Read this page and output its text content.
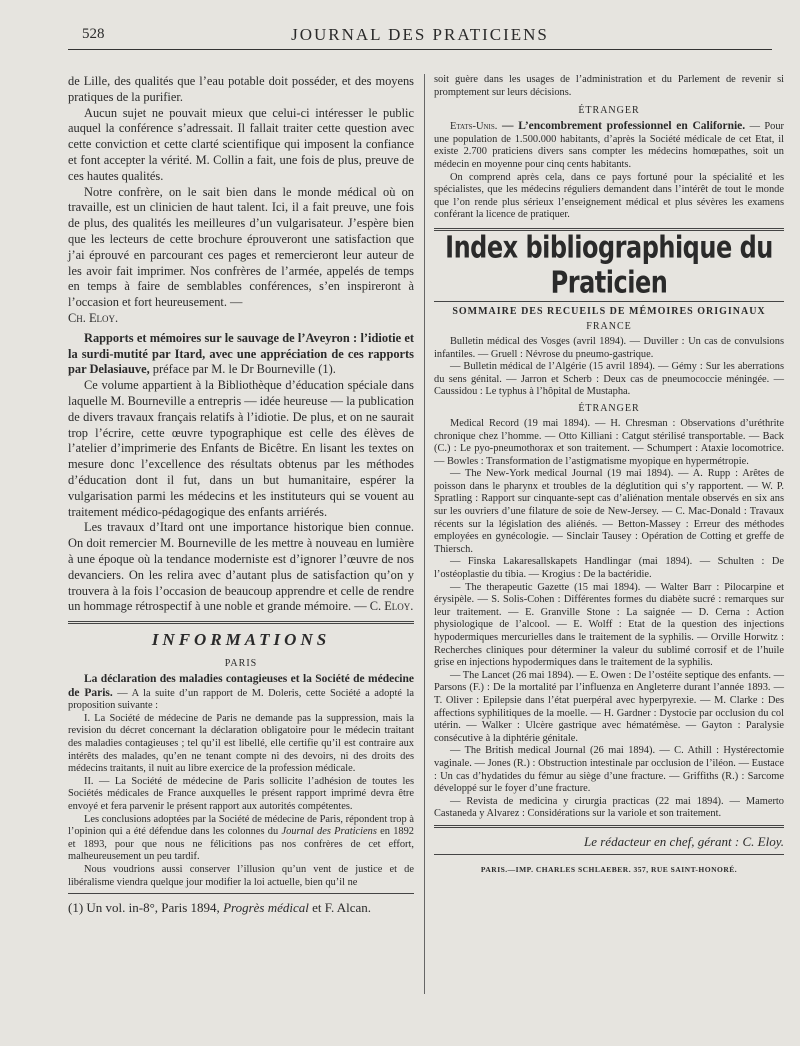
528	JOURNAL DES PRATICIENS

de Lille, des qualités que l’eau potable doit posséder, et des moyens pratiques de la purifier.

Aucun sujet ne pouvait mieux que celui-ci intéresser le public auquel la conférence s’adressait. Il fallait traiter cette question avec cette conviction et cette clarté scientifique qui imposent la confiance et font accepter la vérité. M. Collin a fait, une fois de plus, preuve de ces hautes qualités.

Notre confrère, on le sait bien dans le monde médical où on travaille, est un clinicien de haut talent. Ici, il a fait preuve, une fois de plus, des qualités les meilleures d’un vulgarisateur. J’espère bien que les lecteurs de cette brochure éprouveront une satisfaction que j’ai éprouvé en parcourant ces pages et remercieront leur auteur de les avoir fait imprimer. Nos confrères de l’armée, appelés de temps en temps à faire de semblables conférences, s’en inspireront à l’occasion et fort heureusement. —
Ch. Eloy.

Rapports et mémoires sur le sauvage de l’Aveyron : l’idiotie et la surdi-mutité par Itard, avec une appréciation de ces rapports par Delasiauve, préface par M. le Dr Bourneville (1).

Ce volume appartient à la Bibliothèque d’éducation spéciale dans laquelle M. Bourneville a entrepris — idée heureuse — la publication de divers travaux français relatifs à l’idiotie. De plus, et on ne saurait trop l’écrire, cette œuvre typographique est celle des élèves de l’atelier d’imprimerie des Enfants de Bicêtre. En lisant les textes on mesure donc l’excellence des résultats obtenus par les méthodes d’éducation dont il fut, dans un but humanitaire, espérer la vulgarisation parmi les médecins et les instituteurs qui se vouent au traitement médico-pédagogique des enfants arriérés.

Les travaux d’Itard ont une importance historique bien connue. On doit remercier M. Bourneville de les mettre à nouveau en lumière à une époque où la tendance moderniste est d’ignorer l’œuvre de nos devanciers. On les relira avec d’autant plus de satisfaction qu’on y trouvera à la fois l’occasion de beaucoup apprendre et celle de rendre un hommage rétrospectif à une noble et grande mémoire. — C. Eloy.

INFORMATIONS
PARIS

La déclaration des maladies contagieuses et la Société de médecine de Paris. — A la suite d’un rapport de M. Doleris, cette Société a adopté la proposition suivante :

I. La Société de médecine de Paris ne demande pas la suppression, mais la revision du décret concernant la déclaration obligatoire pour le médecin traitant des maladies contagieuses ; tel qu’il est libellé, elle certifie qu’il est contraire aux intérêts des malades, qu’en ne tenant compte ni des devoirs, ni des droits des médecins traitants, il nuit au libre exercice de la profession médicale.

II. — La Société de médecine de Paris sollicite l’adhésion de toutes les Sociétés médicales de France auxquelles le présent rapport imprimé devra être envoyé et fera parvenir le présent rapport aux autorités compétentes.

Les conclusions adoptées par la Société de médecine de Paris, répondent trop à l’opinion qui a été défendue dans les colonnes du Journal des Praticiens en 1892 et 1893, pour que nous ne félicitions pas nos confrères de cet effort, malheureusement un peu tardif.

Nous voudrions aussi conserver l’illusion qu’un vent de justice et de libéralisme viendra quelque jour modifier la loi actuelle, bien qu’il ne

(1) Un vol. in-8°, Paris 1894, Progrès médical et F. Alcan.

soit guère dans les usages de l’administration et du Parlement de revenir si promptement sur leurs décisions.

ÉTRANGER

Etats-Unis. — L’encombrement professionnel en Californie. — Pour une population de 1.500.000 habitants, d’après la Société médicale de cet Etat, il existe 2.700 praticiens divers sans compter les médecins homœpathes, soit un médecin en moyenne pour cinq cents habitants.

On comprend après cela, dans ce pays fortuné pour la spécialité et les spécialistes, que les médecins réguliers demandent dans l’intérêt de tout le monde que l’on rende plus sérieux l’enseignement médical et plus sévères les examens conférant la licence de pratiquer.

Index bibliographique du Praticien
SOMMAIRE DES RECUEILS DE MÉMOIRES ORIGINAUX
FRANCE

Bulletin médical des Vosges (avril 1894). — Duviller : Un cas de convulsions infantiles. — Gruell : Névrose du pneumo-gastrique.

— Bulletin médical de l’Algérie (15 avril 1894). — Gémy : Sur les aberrations du sens génital. — Jarron et Scherb : Deux cas de pneumococcie méningée. — Caussidou : Le typhus à l’hôpital de Mustapha.

ÉTRANGER

Medical Record (19 mai 1894). — H. Chresman : Observations d’uréthrite chronique chez l’homme. — Otto Killiani : Catgut stérilisé transportable. — Back (C.) : Le pyo-pneumothorax et son traitement. — Schumpert : Ataxie locomotrice. — Bowles : Transformation de l’astigmatisme myopique en hypermétropie.

— The New-York medical Journal (19 mai 1894). — A. Rupp : Arêtes de poisson dans le pharynx et troubles de la déglutition qui s’y rapportent. — W. P. Spratling : Rapport sur cinquante-sept cas d’aliénation mentale observés en six ans sur les ouvriers d’une filature de soie de New-Jersey. — C. Mac-Donald : Travaux récents sur la législation des aliénés. — Betton-Massey : Erreur des méthodes employées en gynécologie. — Sinclair Tausey : Opération de Cotting et greffe de Thiersch.

— Finska Lakaresallskapets Handlingar (mai 1894). — Schulten : De l’ostéoplastie du tibia. — Krogius : De la bactéridie.

— The therapeutic Gazette (15 mai 1894). — Walter Barr : Pilocarpine et érysipèle. — S. Solis-Cohen : Différentes formes du diabète sucré : remarques sur leur traitement. — E. Granville Stone : La saignée — D. Cerna : Action physiologique de l’alcool. — E. Wolff : Etat de la question des injections hypodermiques mercurielles dans le traitement de la syphilis. — Orville Horwitz : Recherches cliniques pour déterminer la valeur du sublimé corrosif et de l’huile grise en injections hypodermiques dans le traitement de la syphilis.

— The Lancet (26 mai 1894). — E. Owen : De l’ostéite septique des enfants. — Parsons (F.) : De la mortalité par l’influenza en Angleterre durant l’année 1893. — T. Oliver : Epilepsie dans l’état puerpéral avec hyperpyrexie. — M. Clarke : Des affections syphilitiques de la moelle. — H. Gardner : Dystocie par occlusion du col utérin. — Walker : Ulcère gastrique avec hématémèse. — Gayton : Paralysie consécutive à la diphtérie génitale.

— The British medical Journal (26 mai 1894). — C. Athill : Hystérectomie vaginale. — Jones (R.) : Obstruction intestinale par occlusion de l’iléon. — Eustace : Un cas d’hydatides du fémur au siège d’une fracture. — Griffiths (R.) : Sarcome développé sur le foyer d’une fracture.

— Revista de medicina y cirurgia practicas (22 mai 1894). — Mamerto Castaneda y Alvarez : Considérations sur la variole et son traitement.

Le rédacteur en chef, gérant : C. Eloy.
PARIS.—IMP. CHARLES SCHLAEBER. 357, RUE SAINT-HONORÉ.
